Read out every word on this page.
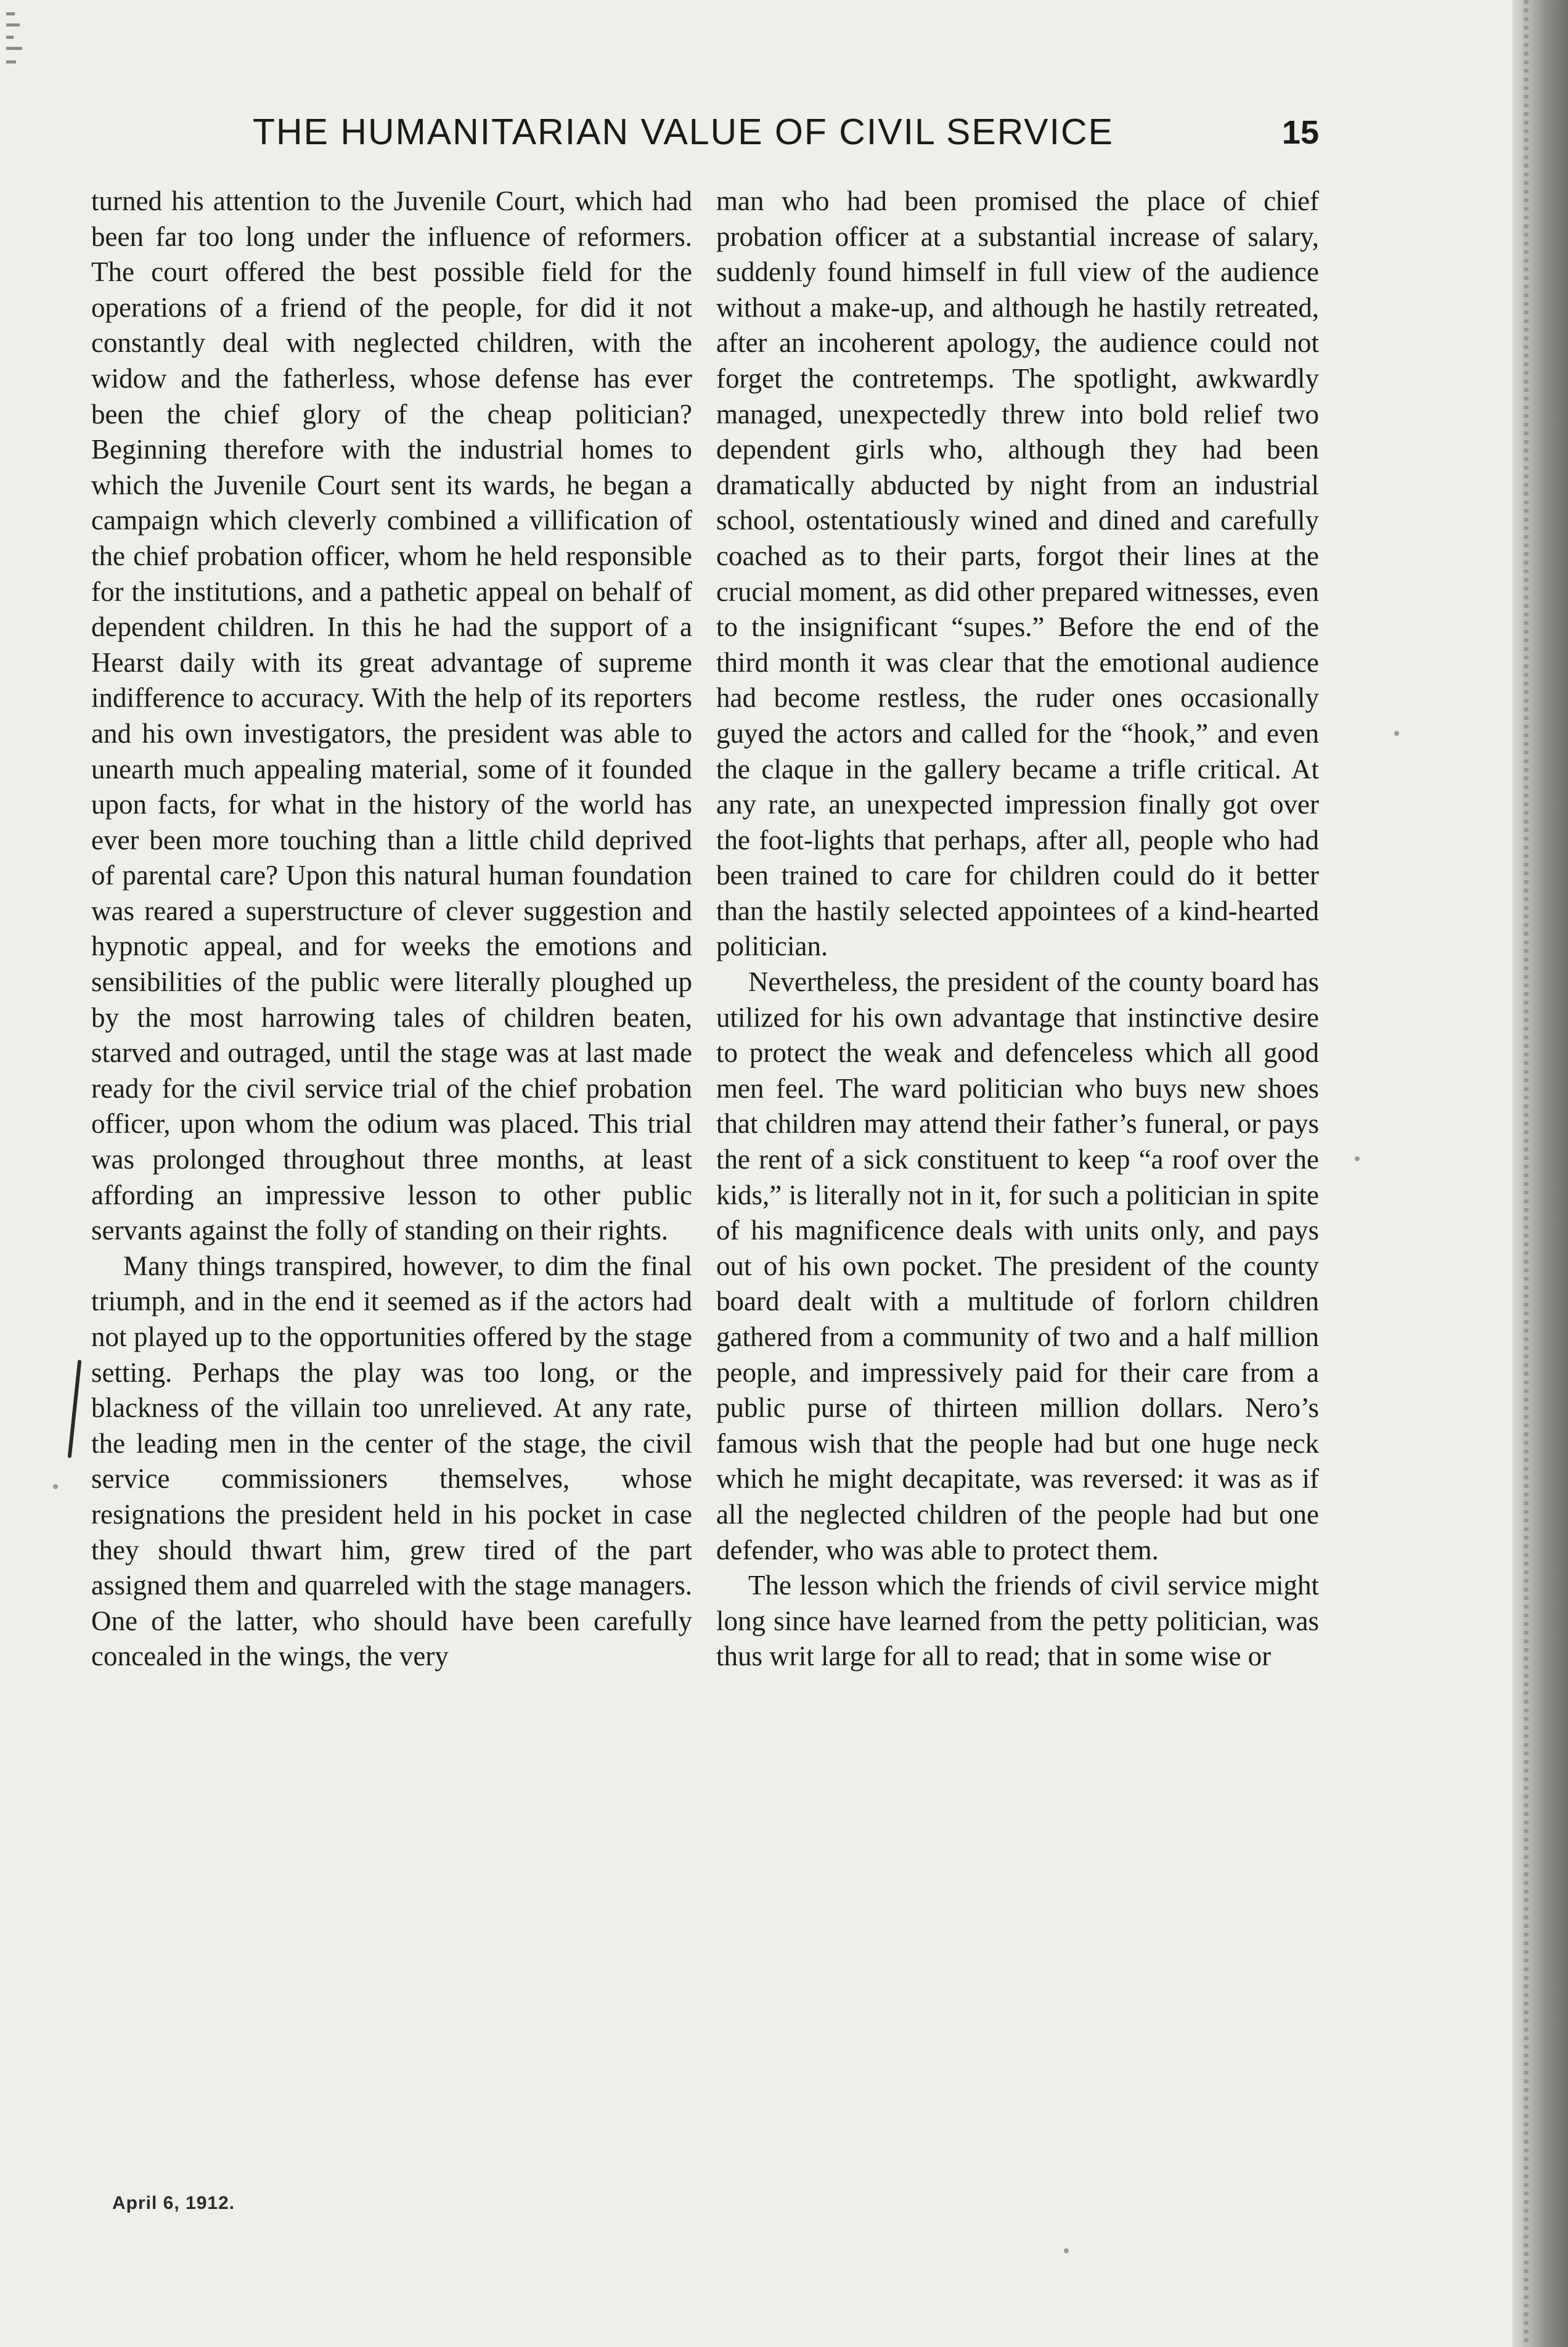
THE HUMANITARIAN VALUE OF CIVIL SERVICE	15

turned his attention to the Juvenile Court, which had been far too long under the influence of reformers. The court offered the best possible field for the operations of a friend of the people, for did it not constantly deal with neglected children, with the widow and the fatherless, whose defense has ever been the chief glory of the cheap politician? Beginning therefore with the industrial homes to which the Juvenile Court sent its wards, he began a campaign which cleverly combined a villification of the chief probation officer, whom he held responsible for the institutions, and a pathetic appeal on behalf of dependent children. In this he had the support of a Hearst daily with its great advantage of supreme indifference to accuracy. With the help of its reporters and his own investigators, the president was able to unearth much appealing material, some of it founded upon facts, for what in the history of the world has ever been more touching than a little child deprived of parental care? Upon this natural human foundation was reared a superstructure of clever suggestion and hypnotic appeal, and for weeks the emotions and sensibilities of the public were literally ploughed up by the most harrowing tales of children beaten, starved and outraged, until the stage was at last made ready for the civil service trial of the chief probation officer, upon whom the odium was placed. This trial was prolonged throughout three months, at least affording an impressive lesson to other public servants against the folly of standing on their rights.

Many things transpired, however, to dim the final triumph, and in the end it seemed as if the actors had not played up to the opportunities offered by the stage setting. Perhaps the play was too long, or the blackness of the villain too unrelieved. At any rate, the leading men in the center of the stage, the civil service commissioners themselves, whose resignations the president held in his pocket in case they should thwart him, grew tired of the part assigned them and quarreled with the stage managers. One of the latter, who should have been carefully concealed in the wings, the very

man who had been promised the place of chief probation officer at a substantial increase of salary, suddenly found himself in full view of the audience without a make-up, and although he hastily retreated, after an incoherent apology, the audience could not forget the contretemps. The spotlight, awkwardly managed, unexpectedly threw into bold relief two dependent girls who, although they had been dramatically abducted by night from an industrial school, ostentatiously wined and dined and carefully coached as to their parts, forgot their lines at the crucial moment, as did other prepared witnesses, even to the insignificant “supes.” Before the end of the third month it was clear that the emotional audience had become restless, the ruder ones occasionally guyed the actors and called for the “hook,” and even the claque in the gallery became a trifle critical. At any rate, an unexpected impression finally got over the foot-lights that perhaps, after all, people who had been trained to care for children could do it better than the hastily selected appointees of a kind-hearted politician.

Nevertheless, the president of the county board has utilized for his own advantage that instinctive desire to protect the weak and defenceless which all good men feel. The ward politician who buys new shoes that children may attend their father’s funeral, or pays the rent of a sick constituent to keep “a roof over the kids,” is literally not in it, for such a politician in spite of his magnificence deals with units only, and pays out of his own pocket. The president of the county board dealt with a multitude of forlorn children gathered from a community of two and a half million people, and impressively paid for their care from a public purse of thirteen million dollars. Nero’s famous wish that the people had but one huge neck which he might decapitate, was reversed: it was as if all the neglected children of the people had but one defender, who was able to protect them.

The lesson which the friends of civil service might long since have learned from the petty politician, was thus writ large for all to read; that in some wise or

April 6, 1912.
